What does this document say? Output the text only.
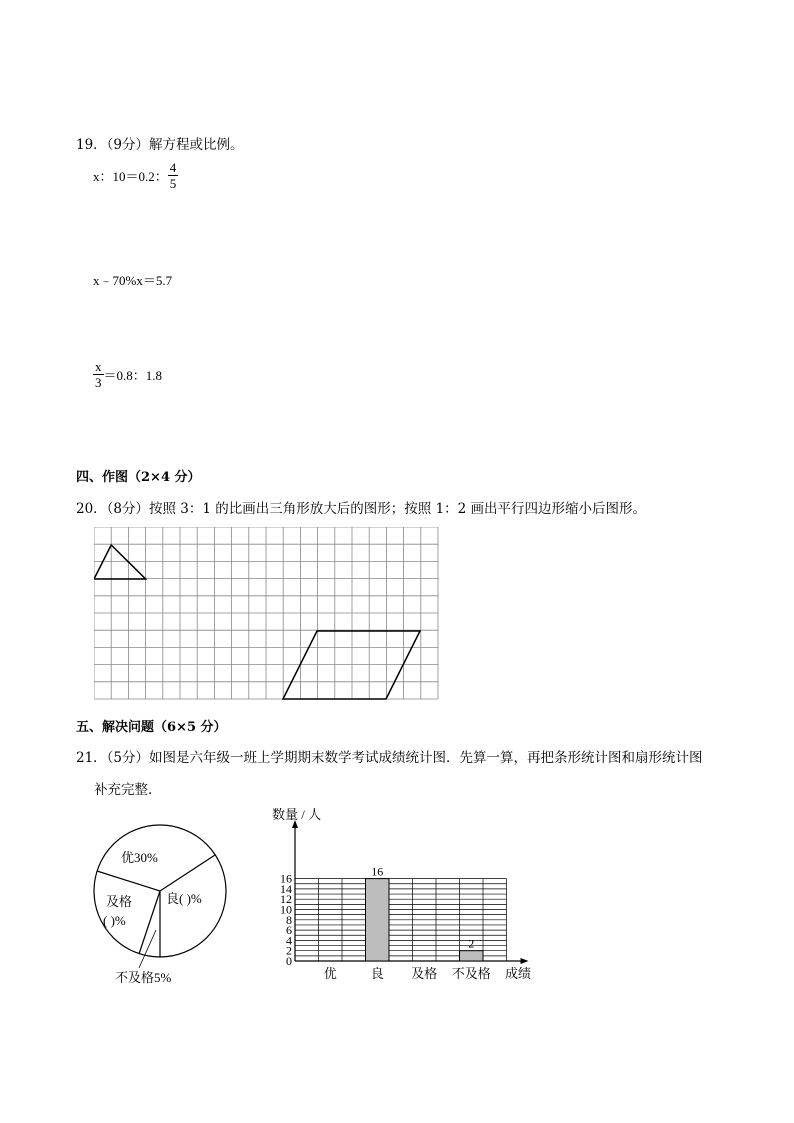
19．（9分）解方程或比例。
x：10＝0.2： $\frac{4}{5}$
x﹣70%x＝5.7
$\frac{x}{3} =0.8$：1.8
四、作图（2×4 分）
20．（8分）按照 3：1 的比画出三角形放大后的图形；按照 1：2 画出平行四边形缩小后图形。
五、解决问题（6×5 分）
21．（5分）如图是六年级一班上学期期末数学考试成绩统计图．先算一算，再把条形统计图和扇形统计图
补充完整．
优30%
良( )%
及格
( )%
不及格5%
0
2
4
6
8
10
12
14
16
优
16
良 及格
2
不及格
数量 / 人
成绩
